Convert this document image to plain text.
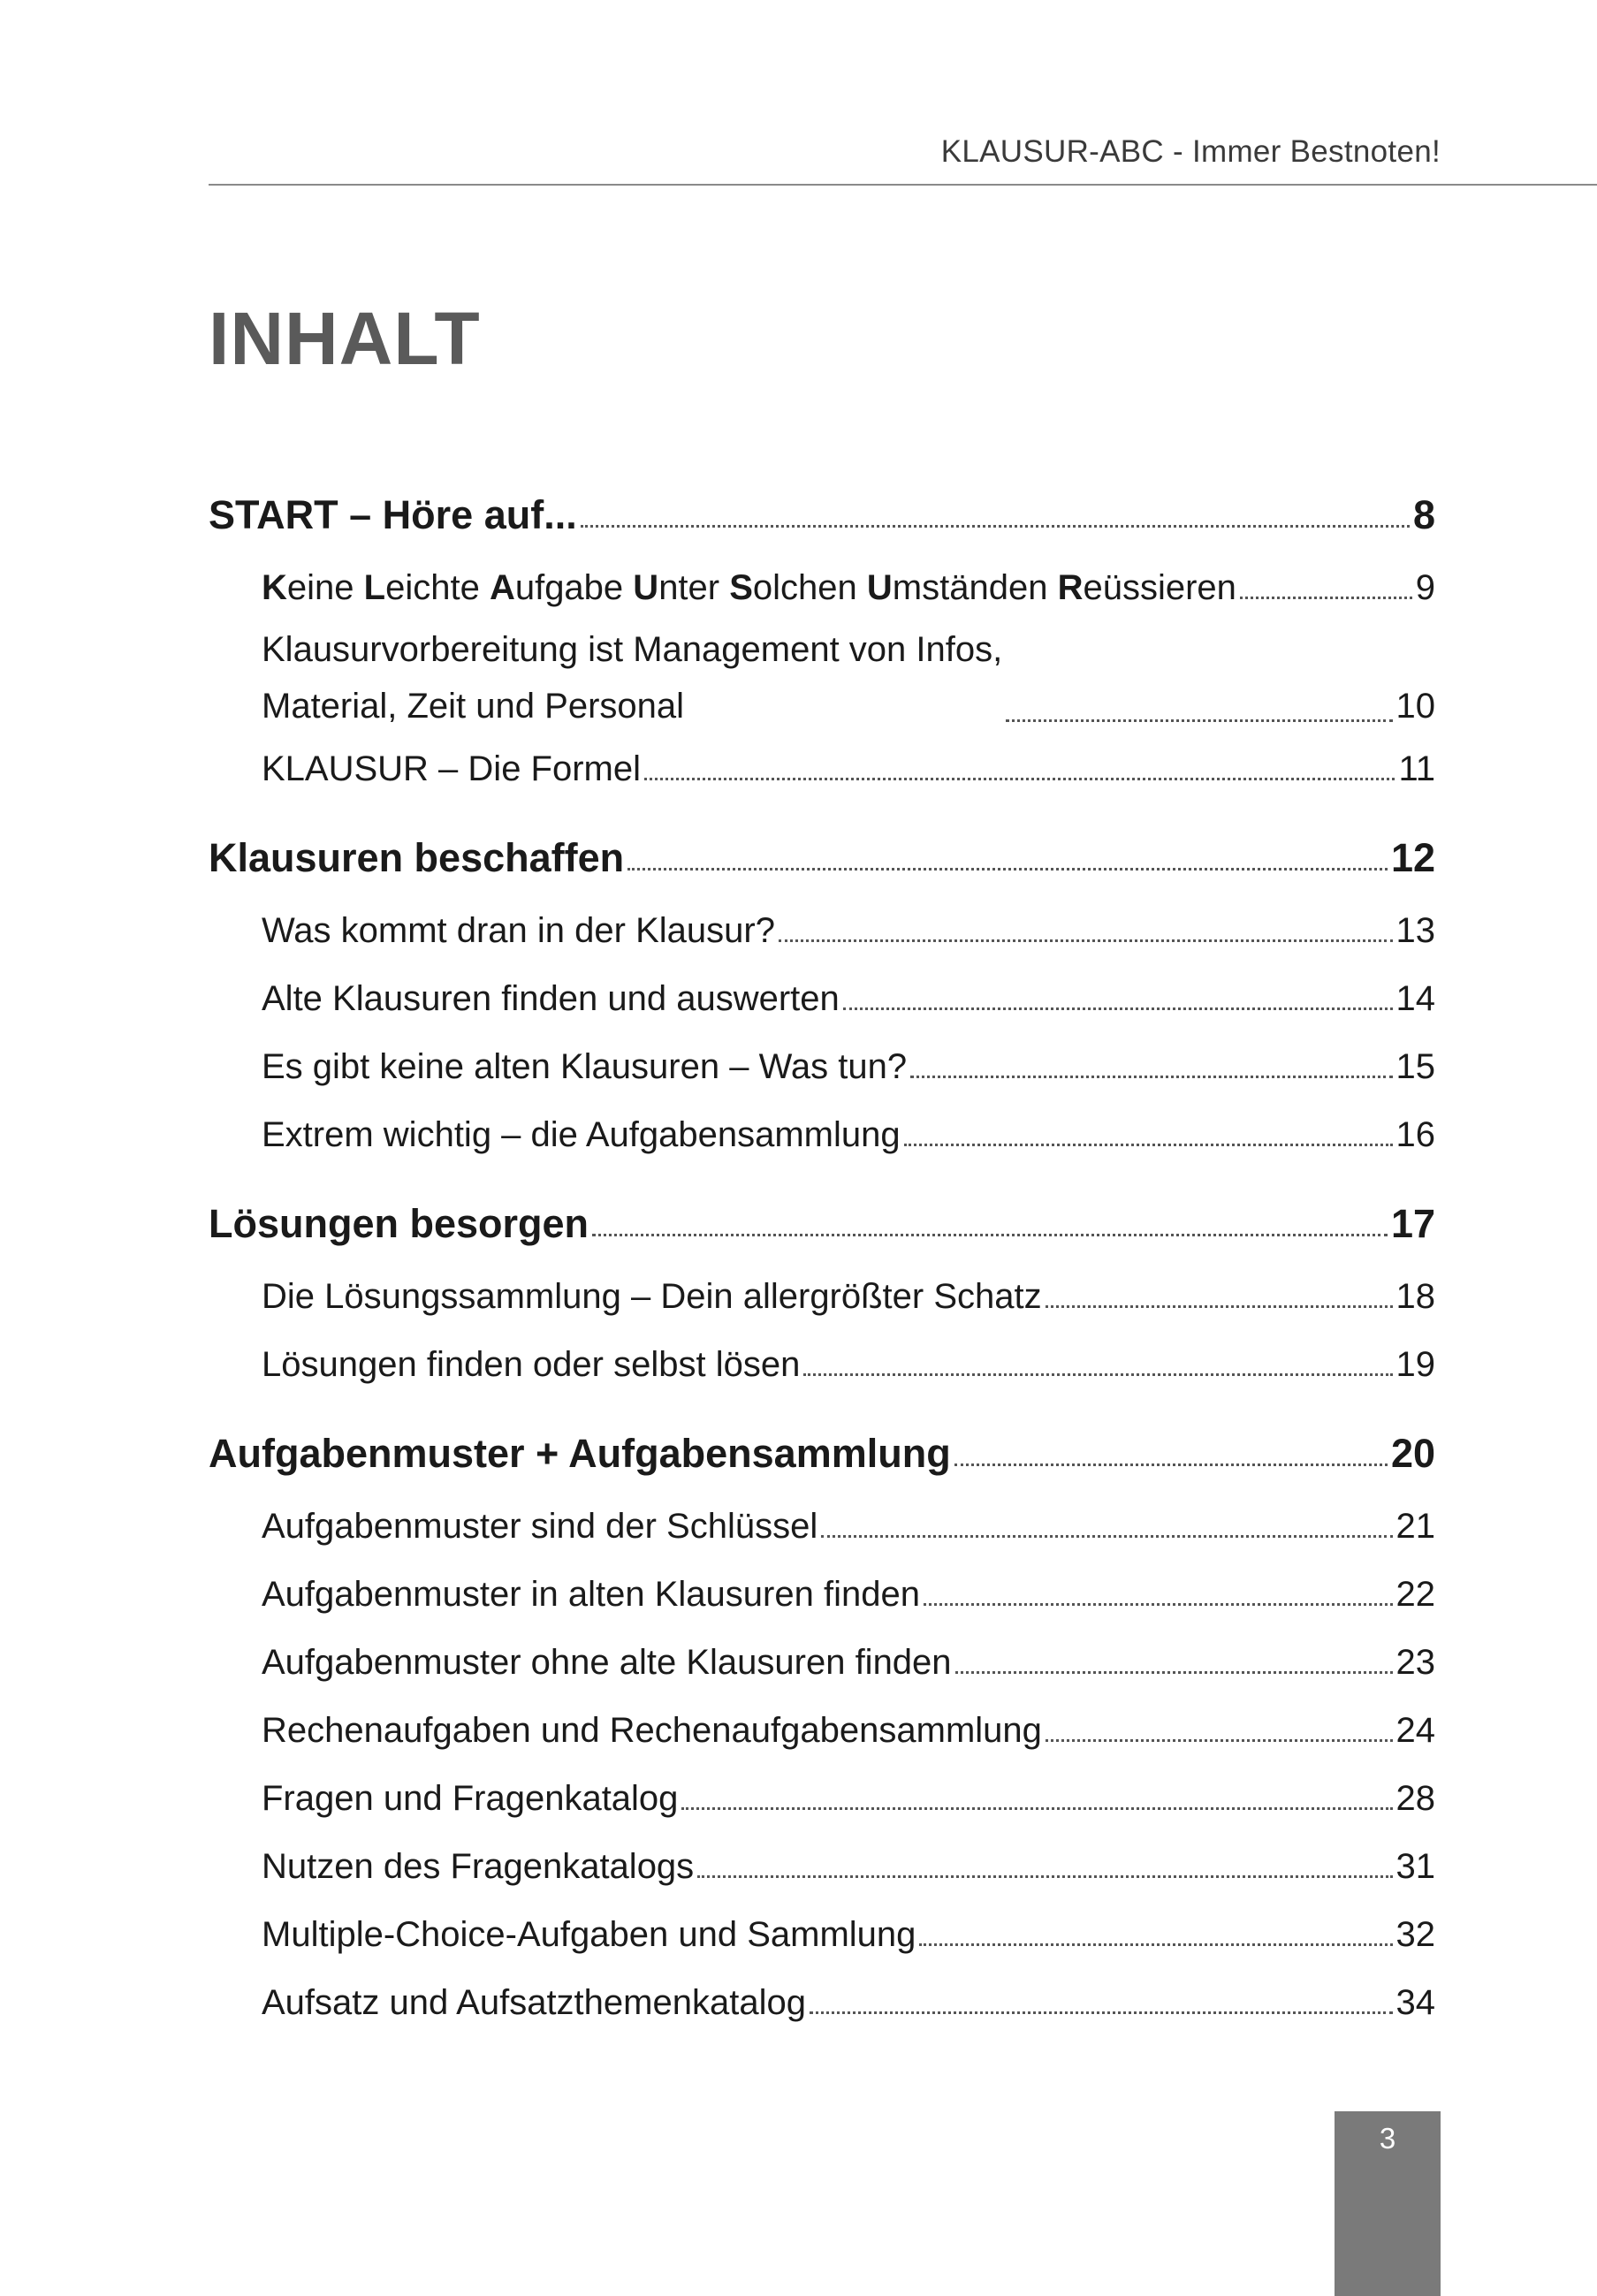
KLAUSUR-ABC - Immer Bestnoten!
INHALT
START – Höre auf...	8
Keine Leichte Aufgabe Unter Solchen Umständen Reüssieren	9
Klausurvorbereitung ist Management von Infos,
Material, Zeit und Personal	10
KLAUSUR – Die Formel	11
Klausuren beschaffen	12
Was kommt dran in der Klausur?	13
Alte Klausuren finden und auswerten	14
Es gibt keine alten Klausuren – Was tun?	15
Extrem wichtig – die Aufgabensammlung	16
Lösungen besorgen	17
Die Lösungssammlung – Dein allergrößter Schatz	18
Lösungen finden oder selbst lösen	19
Aufgabenmuster + Aufgabensammlung	20
Aufgabenmuster sind der Schlüssel	21
Aufgabenmuster in alten Klausuren finden	22
Aufgabenmuster ohne alte Klausuren finden	23
Rechenaufgaben und Rechenaufgabensammlung	24
Fragen und Fragenkatalog	28
Nutzen des Fragenkatalogs	31
Multiple-Choice-Aufgaben und Sammlung	32
Aufsatz und Aufsatzthemenkatalog	34
3
